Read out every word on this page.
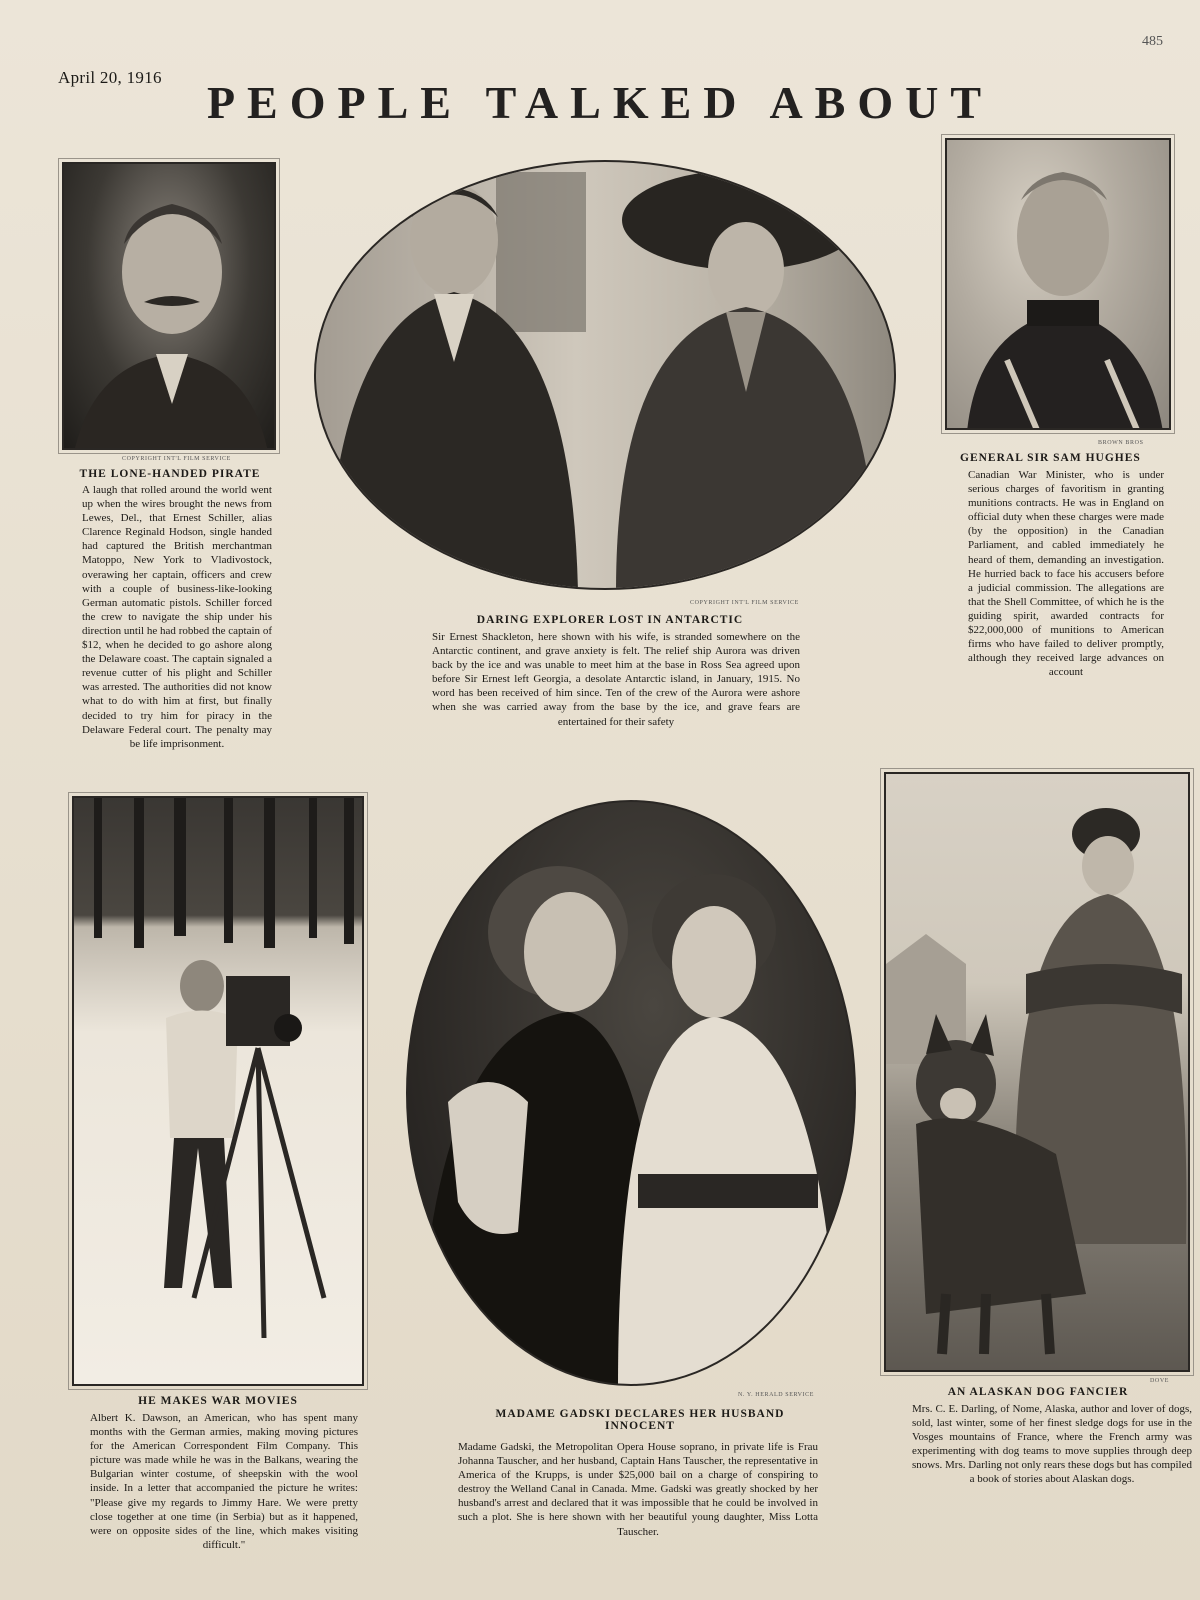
April 20, 1916
485
PEOPLE TALKED ABOUT
COPYRIGHT INT'L FILM SERVICE
THE LONE-HANDED PIRATE
A laugh that rolled around the world went up when the wires brought the news from Lewes, Del., that Ernest Schiller, alias Clarence Reginald Hodson, single handed had captured the British merchantman Matoppo, New York to Vladivostock, overawing her captain, officers and crew with a couple of business-like-looking German automatic pistols. Schiller forced the crew to navigate the ship under his direction until he had robbed the captain of $12, when he decided to go ashore along the Delaware coast. The captain signaled a revenue cutter of his plight and Schiller was arrested. The authorities did not know what to do with him at first, but finally decided to try him for piracy in the Delaware Federal court. The penalty may be life imprisonment.
COPYRIGHT INT'L FILM SERVICE
DARING EXPLORER LOST IN ANTARCTIC
Sir Ernest Shackleton, here shown with his wife, is stranded somewhere on the Antarctic continent, and grave anxiety is felt. The relief ship Aurora was driven back by the ice and was unable to meet him at the base in Ross Sea agreed upon before Sir Ernest left Georgia, a desolate Antarctic island, in January, 1915. No word has been received of him since. Ten of the crew of the Aurora were ashore when she was carried away from the base by the ice, and grave fears are entertained for their safety
BROWN BROS
GENERAL SIR SAM HUGHES
Canadian War Minister, who is under serious charges of favoritism in granting munitions contracts. He was in England on official duty when these charges were made (by the opposition) in the Canadian Parliament, and cabled immediately he heard of them, demanding an investigation. He hurried back to face his accusers before a judicial commission. The allegations are that the Shell Committee, of which he is the guiding spirit, awarded contracts for $22,000,000 of munitions to American firms who have failed to deliver promptly, although they received large advances on account
HE MAKES WAR MOVIES
Albert K. Dawson, an American, who has spent many months with the German armies, making moving pictures for the American Correspondent Film Company. This picture was made while he was in the Balkans, wearing the Bulgarian winter costume, of sheepskin with the wool inside. In a letter that accompanied the picture he writes: "Please give my regards to Jimmy Hare. We were pretty close together at one time (in Serbia) but as it happened, were on opposite sides of the line, which makes visiting difficult."
N. Y. HERALD SERVICE
MADAME GADSKI DECLARES HER HUSBAND INNOCENT
Madame Gadski, the Metropolitan Opera House soprano, in private life is Frau Johanna Tauscher, and her husband, Captain Hans Tauscher, the representative in America of the Krupps, is under $25,000 bail on a charge of conspiring to destroy the Welland Canal in Canada. Mme. Gadski was greatly shocked by her husband's arrest and declared that it was impossible that he could be involved in such a plot. She is here shown with her beautiful young daughter, Miss Lotta Tauscher.
DOVE
AN ALASKAN DOG FANCIER
Mrs. C. E. Darling, of Nome, Alaska, author and lover of dogs, sold, last winter, some of her finest sledge dogs for use in the Vosges mountains of France, where the French army was experimenting with dog teams to move supplies through deep snows. Mrs. Darling not only rears these dogs but has compiled a book of stories about Alaskan dogs.
